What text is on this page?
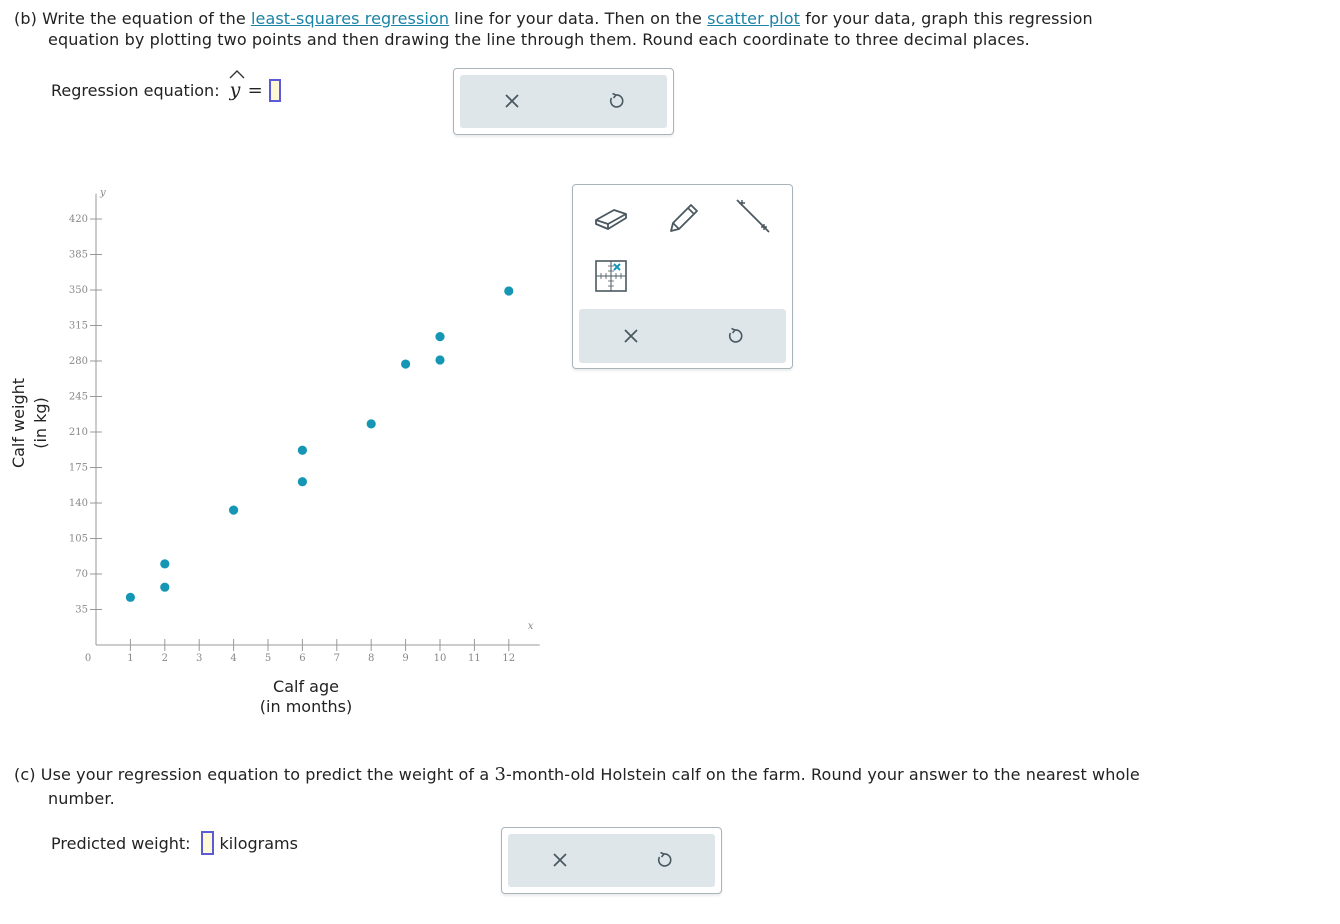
(b) Write the equation of the least-squares regression line for your data. Then on the scatter plot for your data, graph this regression
equation by plotting two points and then drawing the line through them. Round each coordinate to three decimal places.
Regression equation: y =
Calf weight (in kg)
1	2	3	4	5	6	7	8	9 10 11 12
35
70
105
140
175
210
245
280
315
350
385
420
0
x
y
Calf age
(in months)
(c) Use your regression equation to predict the weight of a 3-month-old Holstein calf on the farm. Round your answer to the nearest whole
number.
Predicted weight: kilograms
